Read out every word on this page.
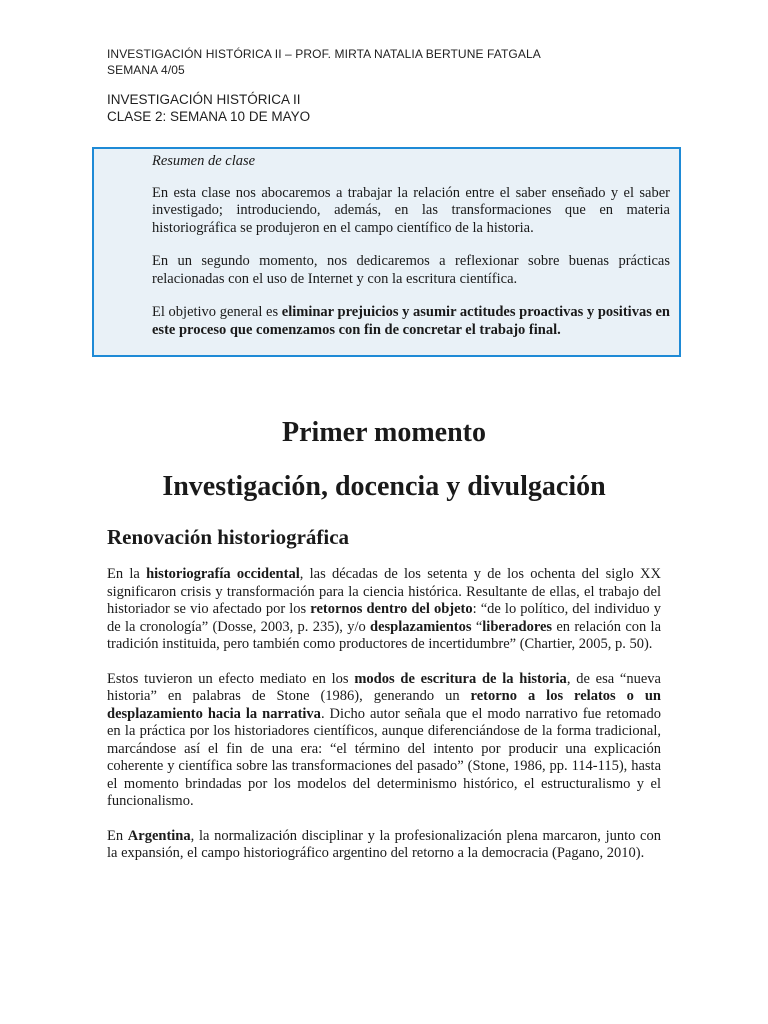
INVESTIGACIÓN HISTÓRICA II – PROF. MIRTA NATALIA BERTUNE FATGALA
SEMANA 4/05
INVESTIGACIÓN HISTÓRICA II
CLASE 2: SEMANA 10 DE MAYO

Resumen de clase

En esta clase nos abocaremos a trabajar la relación entre el saber enseñado y el saber investigado; introduciendo, además, en las transformaciones que en materia historiográfica se produjeron en el campo científico de la historia.

En un segundo momento, nos dedicaremos a reflexionar sobre buenas prácticas relacionadas con el uso de Internet y con la escritura científica.

El objetivo general es eliminar prejuicios y asumir actitudes proactivas y positivas en este proceso que comenzamos con fin de concretar el trabajo final.

Primer momento
Investigación, docencia y divulgación
Renovación historiográfica

En la historiografía occidental, las décadas de los setenta y de los ochenta del siglo XX significaron crisis y transformación para la ciencia histórica. Resultante de ellas, el trabajo del historiador se vio afectado por los retornos dentro del objeto: “de lo político, del individuo y de la cronología” (Dosse, 2003, p. 235), y/o desplazamientos “liberadores en relación con la tradición instituida, pero también como productores de incertidumbre” (Chartier, 2005, p. 50).

Estos tuvieron un efecto mediato en los modos de escritura de la historia, de esa “nueva historia” en palabras de Stone (1986), generando un retorno a los relatos o un desplazamiento hacia la narrativa. Dicho autor señala que el modo narrativo fue retomado en la práctica por los historiadores científicos, aunque diferenciándose de la forma tradicional, marcándose así el fin de una era: “el término del intento por producir una explicación coherente y científica sobre las transformaciones del pasado” (Stone, 1986, pp. 114-115), hasta el momento brindadas por los modelos del determinismo histórico, el estructuralismo y el funcionalismo.

En Argentina, la normalización disciplinar y la profesionalización plena marcaron, junto con la expansión, el campo historiográfico argentino del retorno a la democracia (Pagano, 2010).
